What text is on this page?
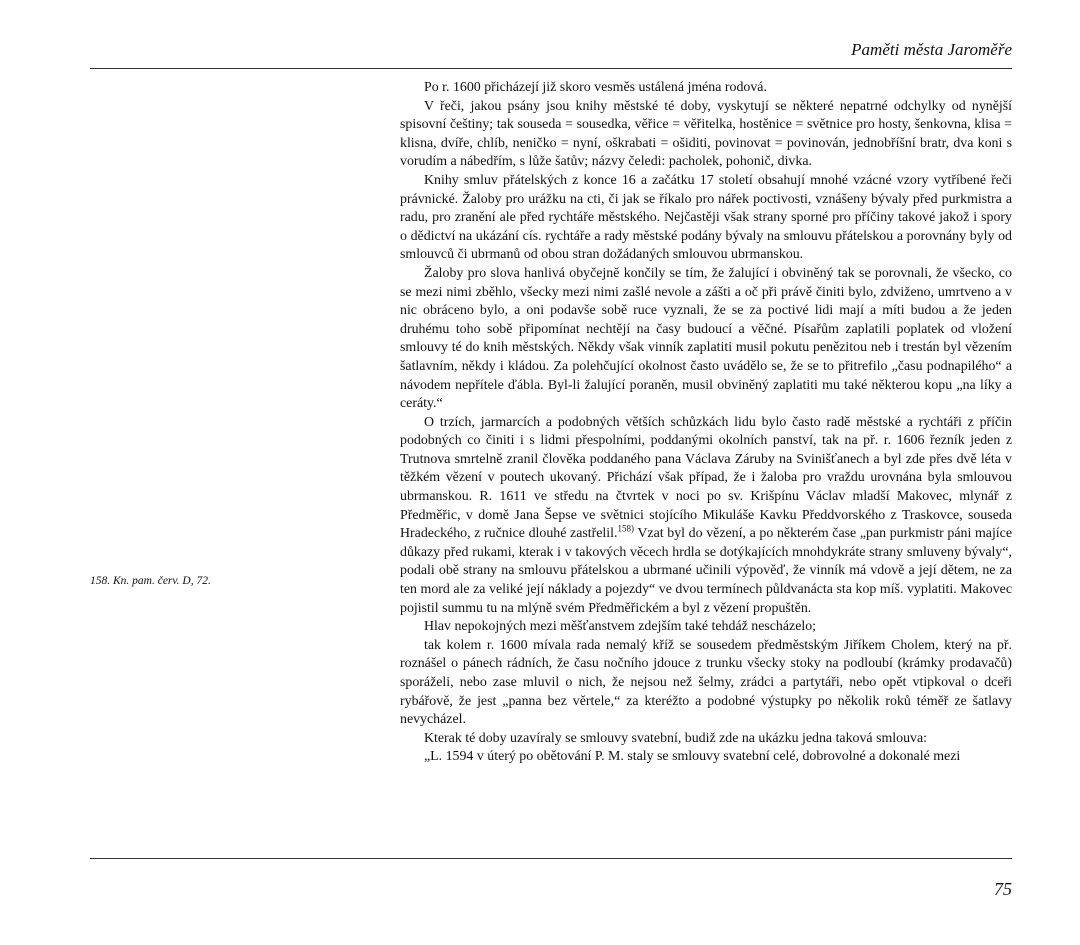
Paměti města Jaroměře
158. Kn. pam. červ. D, 72.

Po r. 1600 přicházejí již skoro vesměs ustálená jména rodová.

V řeči, jakou psány jsou knihy městské té doby, vyskytují se některé nepatrné odchylky od nynější spisovní češtiny; tak souseda = sousedka, věřice = věřitelka, hostěnice = světnice pro hosty, šenkovna, klisa = klisna, dvíře, chlíb, neničko = nyní, oškrabati = ošiditi, povinovat = povinován, jednobříšní bratr, dva koni s vorudím a nábedřím, s lůže šatův; názvy čeledi: pacholek, pohonič, divka.

Knihy smluv přátelských z konce 16 a začátku 17 století obsahují mnohé vzácné vzory vytříbené řeči právnické. Žaloby pro urážku na cti, či jak se říkalo pro nářek poctivosti, vznášeny bývaly před purkmistra a radu, pro zranění ale před rychtáře městského. Nejčastěji však strany sporné pro příčiny takové jakož i spory o dědictví na ukázání cís. rychtáře a rady městské podány bývaly na smlouvu přátelskou a porovnány byly od smlouvců či ubrmanů od obou stran dožádaných smlouvou ubrmanskou.

Žaloby pro slova hanlivá obyčejně končily se tím, že žalující i obviněný tak se porovnali, že všecko, co se mezi nimi zběhlo, všecky mezi nimi zašlé nevole a zášti a oč při právě činiti bylo, zdviženo, umrtveno a v nic obráceno bylo, a oni podavše sobě ruce vyznali, že se za poctivé lidi mají a míti budou a že jeden druhému toho sobě připomínat nechtějí na časy budoucí a věčné. Písařům zaplatili poplatek od vložení smlouvy té do knih městských. Někdy však vinník zaplatiti musil pokutu penězitou neb i trestán byl vězením šatlavním, někdy i kládou. Za polehčující okolnost často uvádělo se, že se to přitrefilo „času podnapilého“ a návodem nepřítele ďábla. Byl-li žalující poraněn, musil obviněný zaplatiti mu také některou kopu „na líky a ceráty.“

O trzích, jarmarcích a podobných větších schůzkách lidu bylo často radě městské a rychtáři z příčin podobných co činiti i s lidmi přespolními, poddanými okolních panství, tak na př. r. 1606 řezník jeden z Trutnova smrtelně zranil člověka poddaného pana Václava Záruby na Svinišťanech a byl zde přes dvě léta v těžkém vězení v poutech ukovaný. Přichází však případ, že i žaloba pro vraždu urovnána byla smlouvou ubrmanskou. R. 1611 ve středu na čtvrtek v noci po sv. Krišpínu Václav mladší Makovec, mlynář z Předměřic, v domě Jana Šepse ve světnici stojícího Mikuláše Kavku Předdvorského z Traskovce, souseda Hradeckého, z ručnice dlouhé zastřelil.$^{158)}$ Vzat byl do vězení, a po některém čase „pan purkmistr páni majíce důkazy před rukami, kterak i v takových věcech hrdla se dotýkajících mnohdykráte strany smluveny bývaly“, podali obě strany na smlouvu přátelskou a ubrmané učinili výpověď, že vinník má vdově a její dětem, ne za ten mord ale za veliké její náklady a pojezdy“ ve dvou termínech půldvanácta sta kop míš. vyplatiti. Makovec pojistil summu tu na mlýně svém Předměřickém a byl z vězení propuštěn.

Hlav nepokojných mezi měšťanstvem zdejším také tehdáž nescházelo;

tak kolem r. 1600 mívala rada nemalý kříž se sousedem předměstským Jiříkem Cholem, který na př. roznášel o pánech rádních, že času nočního jdouce z trunku všecky stoky na podloubí (krámky prodavačů) sporáželi, nebo zase mluvil o nich, že nejsou než šelmy, zrádci a partytáři, nebo opět vtipkoval o dceři rybářově, že jest „panna bez věrtele,“ za kteréžto a podobné výstupky po několik roků téměř ze šatlavy nevycházel.

Kterak té doby uzavíraly se smlouvy svatební, budiž zde na ukázku jedna taková smlouva:

„L. 1594 v úterý po obětování P. M. staly se smlouvy svatební celé, dobrovolné a dokonalé mezi

75
